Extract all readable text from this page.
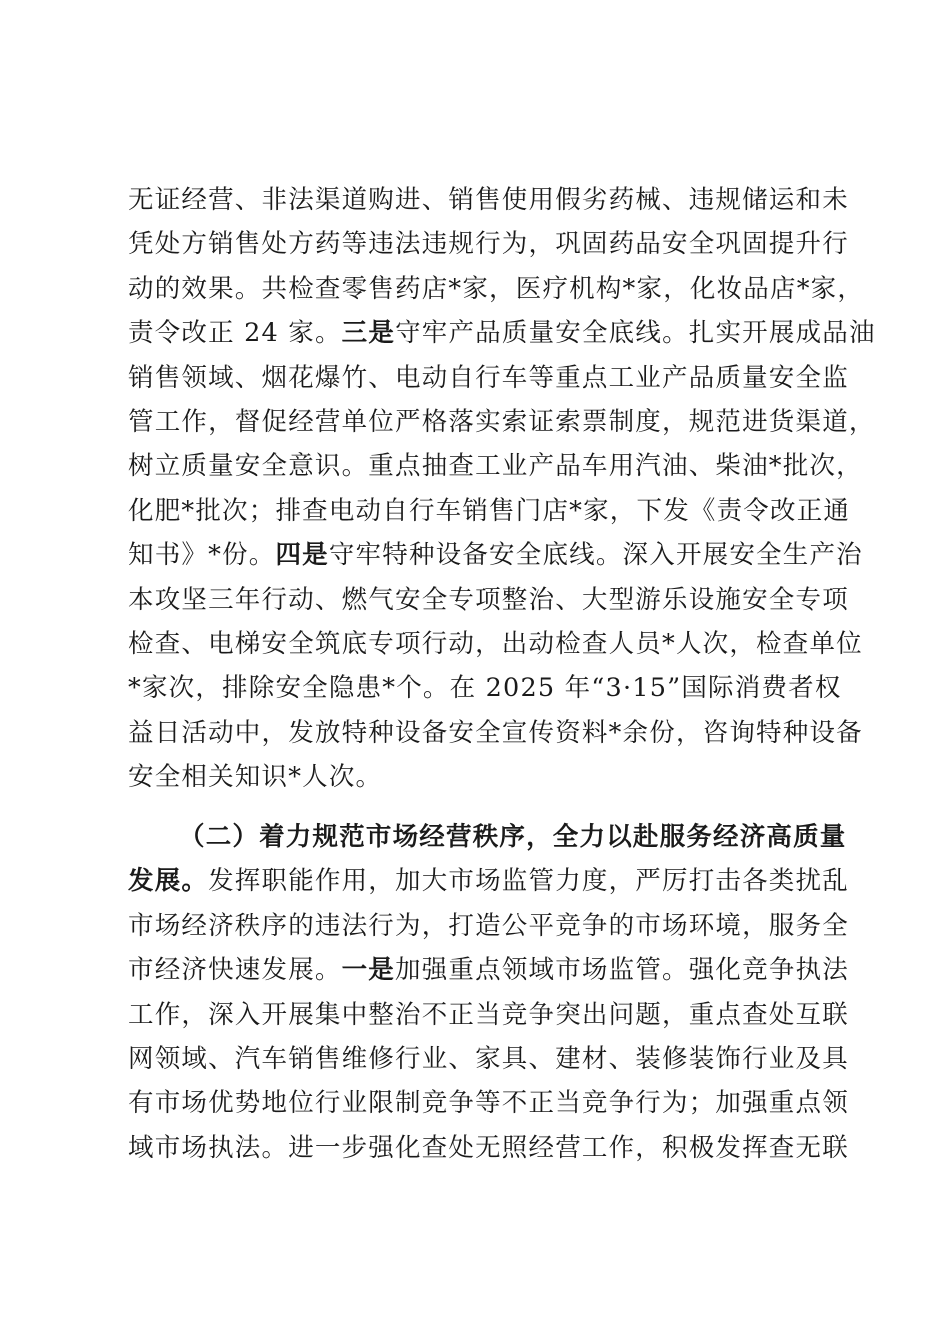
无证经营、非法渠道购进、销售使用假劣药械、违规储运和未
凭处方销售处方药等违法违规行为，巩固药品安全巩固提升行
动的效果。共检查零售药店*家，医疗机构*家，化妆品店*家，
责令改正 24 家。三是守牢产品质量安全底线。扎实开展成品油
销售领域、烟花爆竹、电动自行车等重点工业产品质量安全监
管工作，督促经营单位严格落实索证索票制度，规范进货渠道，
树立质量安全意识。重点抽查工业产品车用汽油、柴油*批次，
化肥*批次；排查电动自行车销售门店*家，下发《责令改正通
知书》*份。四是守牢特种设备安全底线。深入开展安全生产治
本攻坚三年行动、燃气安全专项整治、大型游乐设施安全专项
检查、电梯安全筑底专项行动，出动检查人员*人次，检查单位
*家次，排除安全隐患*个。在 2025 年“3·15”国际消费者权
益日活动中，发放特种设备安全宣传资料*余份，咨询特种设备
安全相关知识*人次。
（二）着力规范市场经营秩序，全力以赴服务经济高质量
发展。发挥职能作用，加大市场监管力度，严厉打击各类扰乱
市场经济秩序的违法行为，打造公平竞争的市场环境，服务全
市经济快速发展。一是加强重点领域市场监管。强化竞争执法
工作，深入开展集中整治不正当竞争突出问题，重点查处互联
网领域、汽车销售维修行业、家具、建材、装修装饰行业及具
有市场优势地位行业限制竞争等不正当竞争行为；加强重点领
域市场执法。进一步强化查处无照经营工作，积极发挥查无联
